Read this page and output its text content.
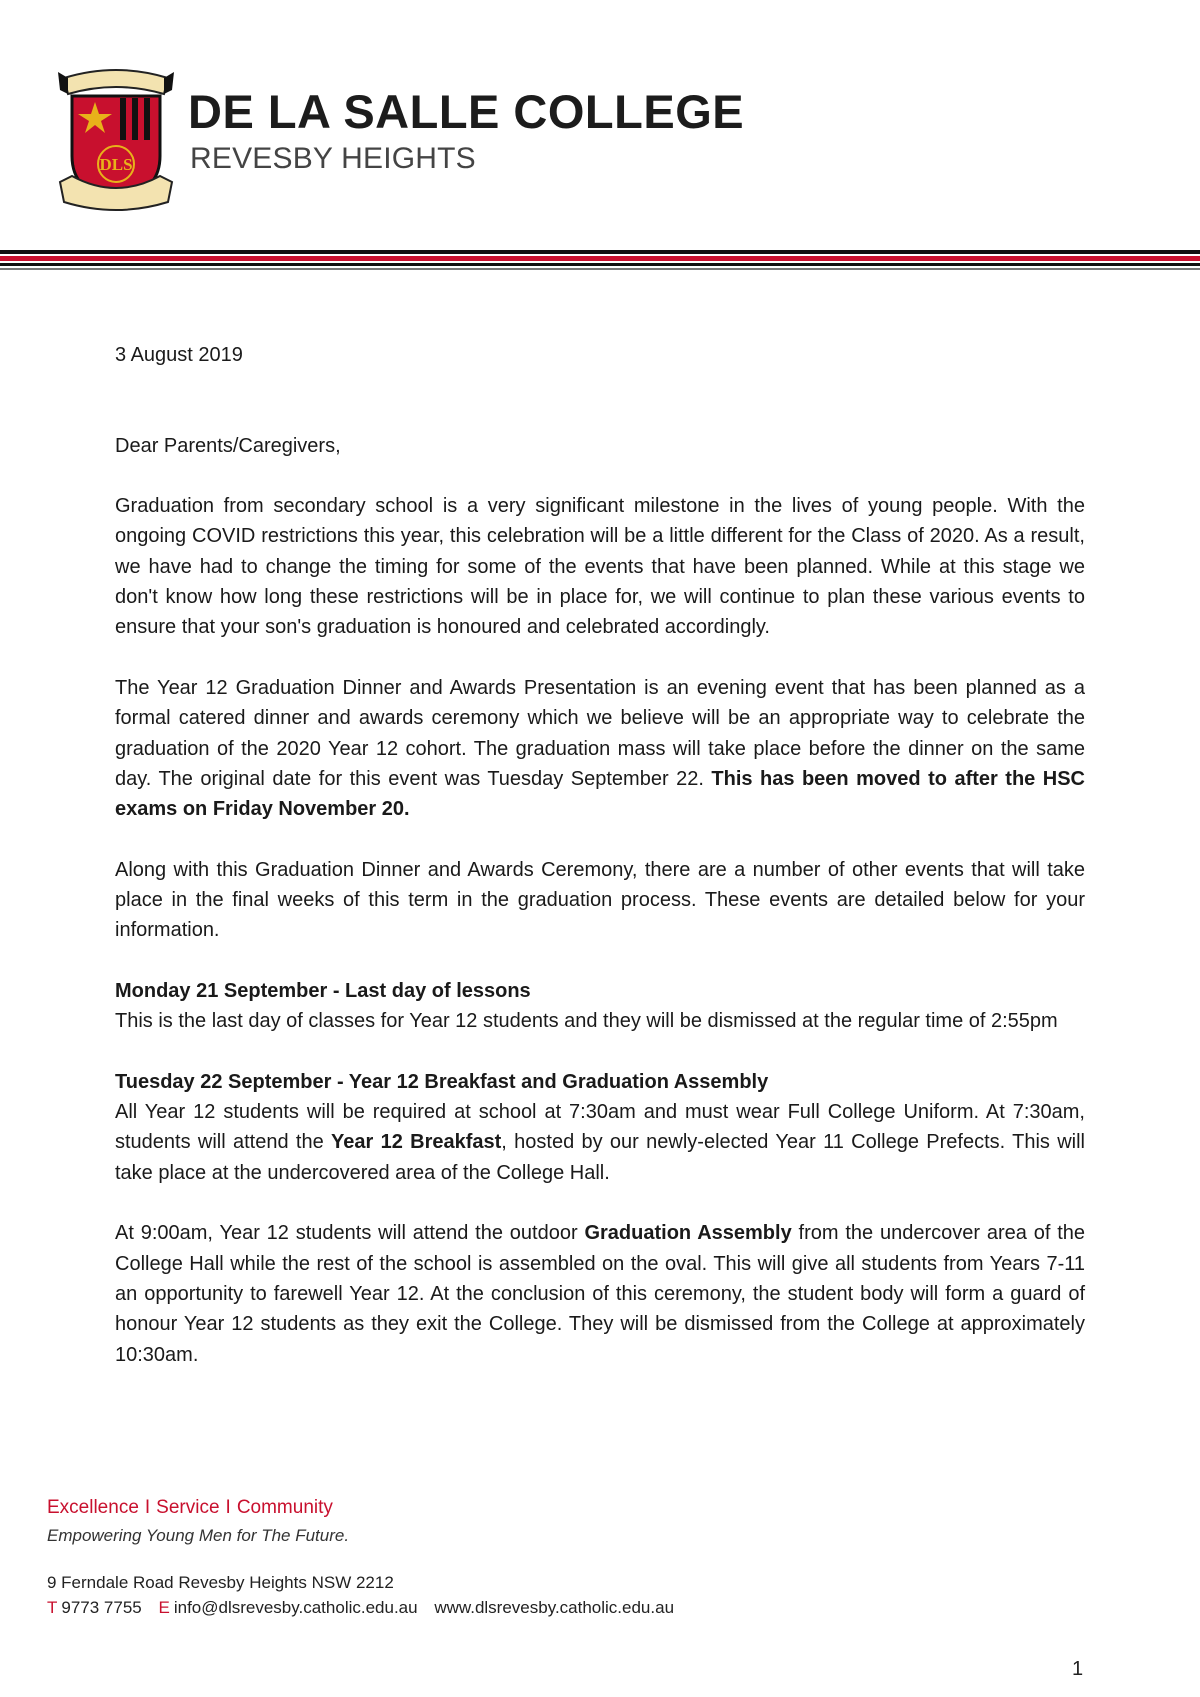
DLS
DE LA SALLE COLLEGE
REVESBY HEIGHTS

3 August 2019

Dear Parents/Caregivers,

Graduation from secondary school is a very significant milestone in the lives of young people. With the ongoing COVID restrictions this year, this celebration will be a little different for the Class of 2020. As a result, we have had to change the timing for some of the events that have been planned. While at this stage we don't know how long these restrictions will be in place for, we will continue to plan these various events to ensure that your son's graduation is honoured and celebrated accordingly.

The Year 12 Graduation Dinner and Awards Presentation is an evening event that has been planned as a formal catered dinner and awards ceremony which we believe will be an appropriate way to celebrate the graduation of the 2020 Year 12 cohort. The graduation mass will take place before the dinner on the same day. The original date for this event was Tuesday September 22. This has been moved to after the HSC exams on Friday November 20.

Along with this Graduation Dinner and Awards Ceremony, there are a number of other events that will take place in the final weeks of this term in the graduation process. These events are detailed below for your information.

Monday 21 September - Last day of lessons
This is the last day of classes for Year 12 students and they will be dismissed at the regular time of 2:55pm

Tuesday 22 September - Year 12 Breakfast and Graduation Assembly
All Year 12 students will be required at school at 7:30am and must wear Full College Uniform. At 7:30am, students will attend the Year 12 Breakfast, hosted by our newly-elected Year 11 College Prefects. This will take place at the undercovered area of the College Hall.

At 9:00am, Year 12 students will attend the outdoor Graduation Assembly from the undercover area of the College Hall while the rest of the school is assembled on the oval. This will give all students from Years 7-11 an opportunity to farewell Year 12. At the conclusion of this ceremony, the student body will form a guard of honour Year 12 students as they exit the College. They will be dismissed from the College at approximately 10:30am.

Excellence I Service I Community
Empowering Young Men for The Future.
9 Ferndale Road Revesby Heights NSW 2212
T 9773 7755 E info@dlsrevesby.catholic.edu.au www.dlsrevesby.catholic.edu.au
1
